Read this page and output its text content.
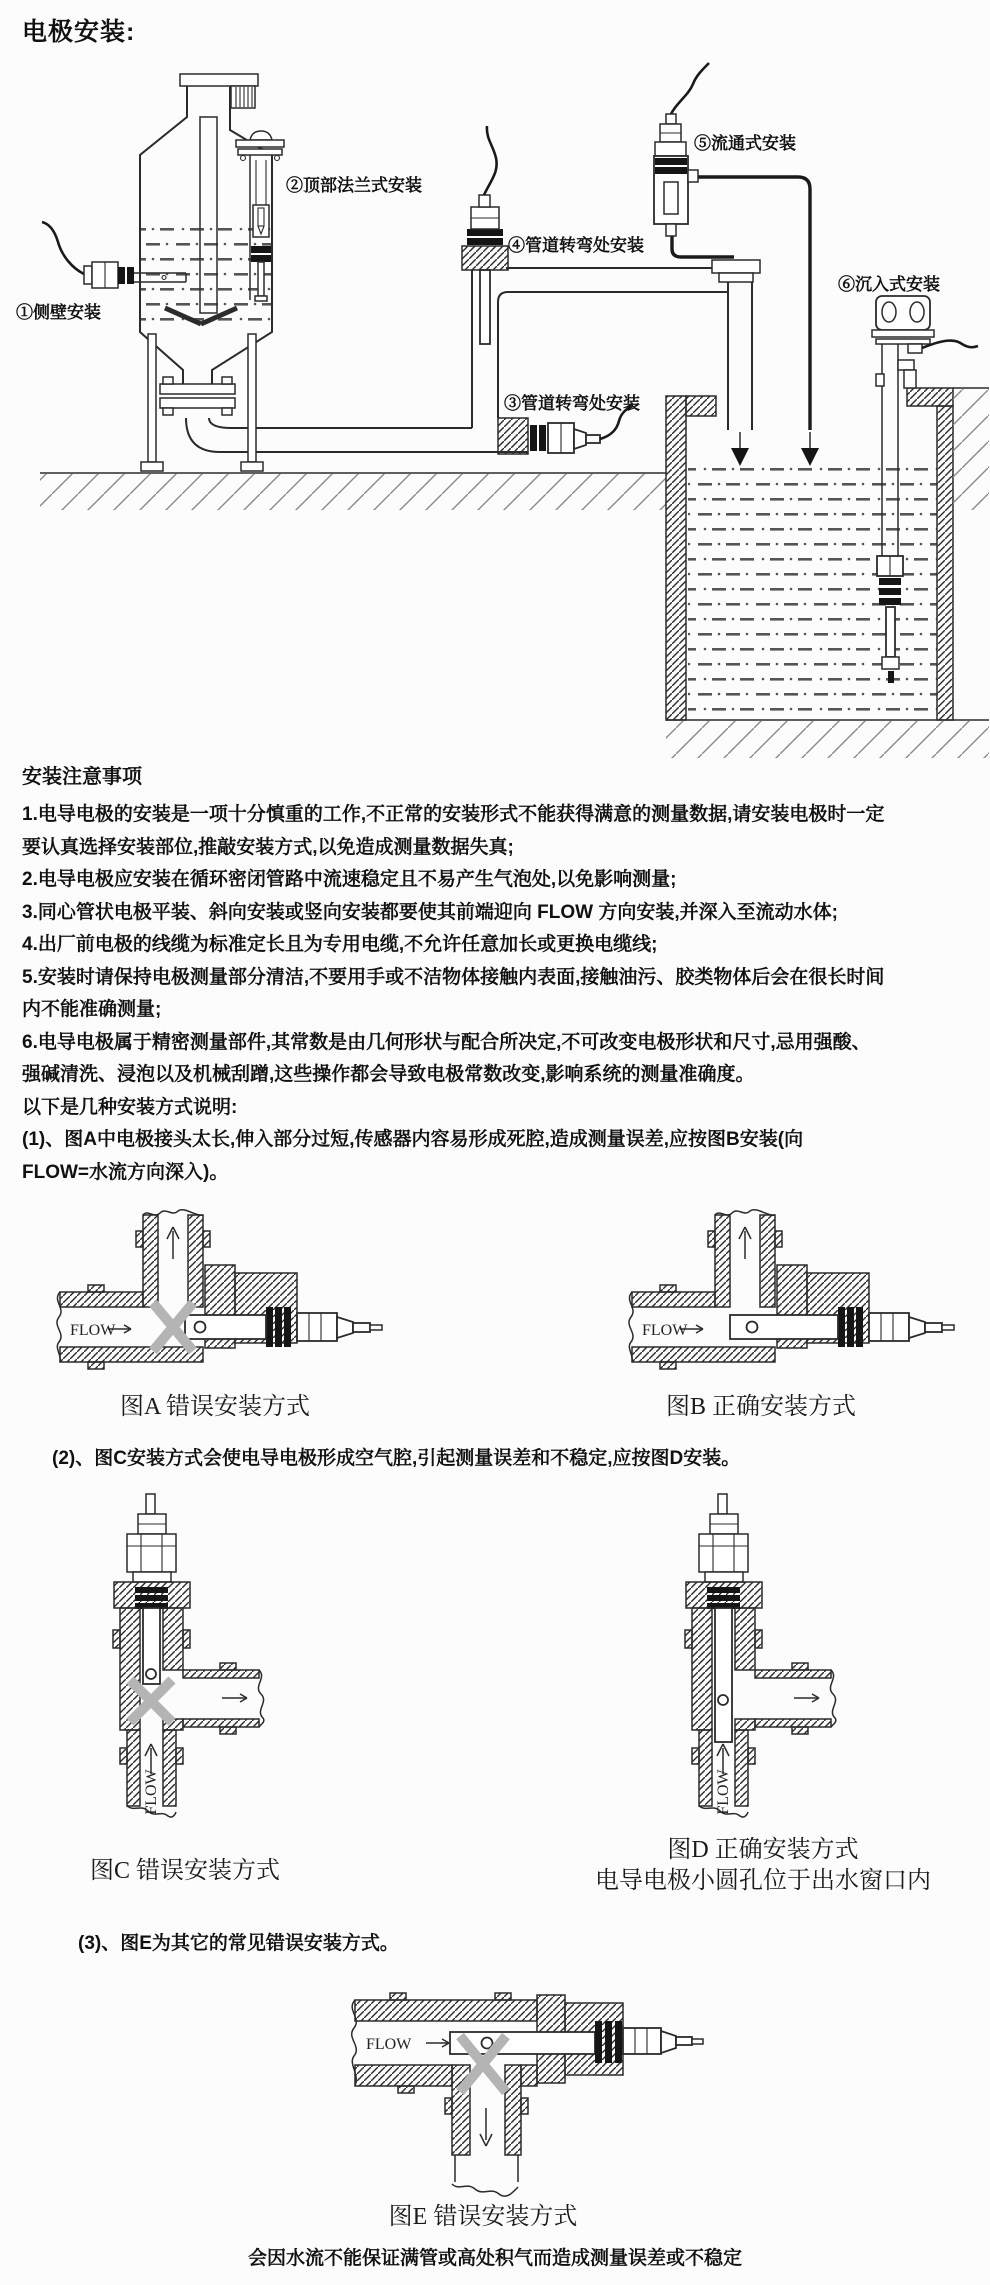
FLOW
①侧壁安装
②顶部法兰式安装
③管道转弯处安装
④管道转弯处安装
⑤流通式安装
⑥沉入式安装
FLOW
电极安装:
安装注意事项
1.电导电极的安装是一项十分慎重的工作,不正常的安装形式不能获得满意的测量数据,请安装电极时一定
要认真选择安装部位,推敲安装方式,以免造成测量数据失真;
2.电导电极应安装在循环密闭管路中流速稳定且不易产生气泡处,以免影响测量;
3.同心管状电极平装、斜向安装或竖向安装都要使其前端迎向 FLOW 方向安装,并深入至流动水体;
4.出厂前电极的线缆为标准定长且为专用电缆,不允许任意加长或更换电缆线;
5.安装时请保持电极测量部分清洁,不要用手或不洁物体接触内表面,接触油污、胶类物体后会在很长时间
内不能准确测量;
6.电导电极属于精密测量部件,其常数是由几何形状与配合所决定,不可改变电极形状和尺寸,忌用强酸、
强碱清洗、浸泡以及机械刮蹭,这些操作都会导致电极常数改变,影响系统的测量准确度。
以下是几种安装方式说明:
(1)、图A中电极接头太长,伸入部分过短,传感器内容易形成死腔,造成测量误差,应按图B安装(向
FLOW=水流方向深入)。
图A 错误安装方式	图B 正确安装方式
(2)、图C安装方式会使电导电极形成空气腔,引起测量误差和不稳定,应按图D安装。
图C 错误安装方式
图D 正确安装方式
电导电极小圆孔位于出水窗口内
(3)、图E为其它的常见错误安装方式。
图E 错误安装方式
会因水流不能保证满管或高处积气而造成测量误差或不稳定
